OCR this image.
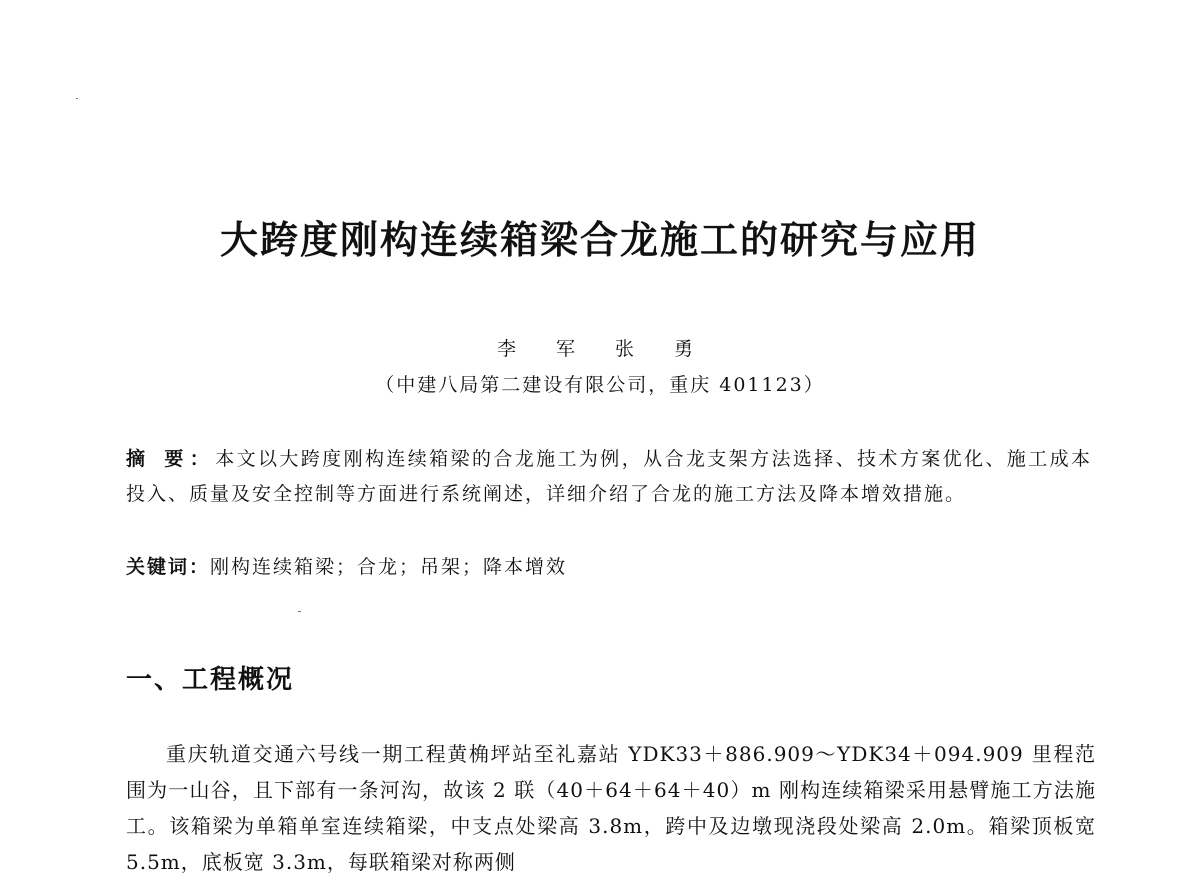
大跨度刚构连续箱梁合龙施工的研究与应用
李 军 张 勇
（中建八局第二建设有限公司，重庆 401123）
摘 要：本文以大跨度刚构连续箱梁的合龙施工为例，从合龙支架方法选择、技术方案优化、施工成本投入、质量及安全控制等方面进行系统阐述，详细介绍了合龙的施工方法及降本增效措施。
关键词：刚构连续箱梁；合龙；吊架；降本增效
一、工程概况
重庆轨道交通六号线一期工程黄桷坪站至礼嘉站 YDK33＋886.909～YDK34＋094.909 里程范围为一山谷，且下部有一条河沟，故该 2 联（40＋64＋64＋40）m 刚构连续箱梁采用悬臂施工方法施工。该箱梁为单箱单室连续箱梁，中支点处梁高 3.8m，跨中及边墩现浇段处梁高 2.0m。箱梁顶板宽 5.5m，底板宽 3.3m，每联箱梁对称两侧
